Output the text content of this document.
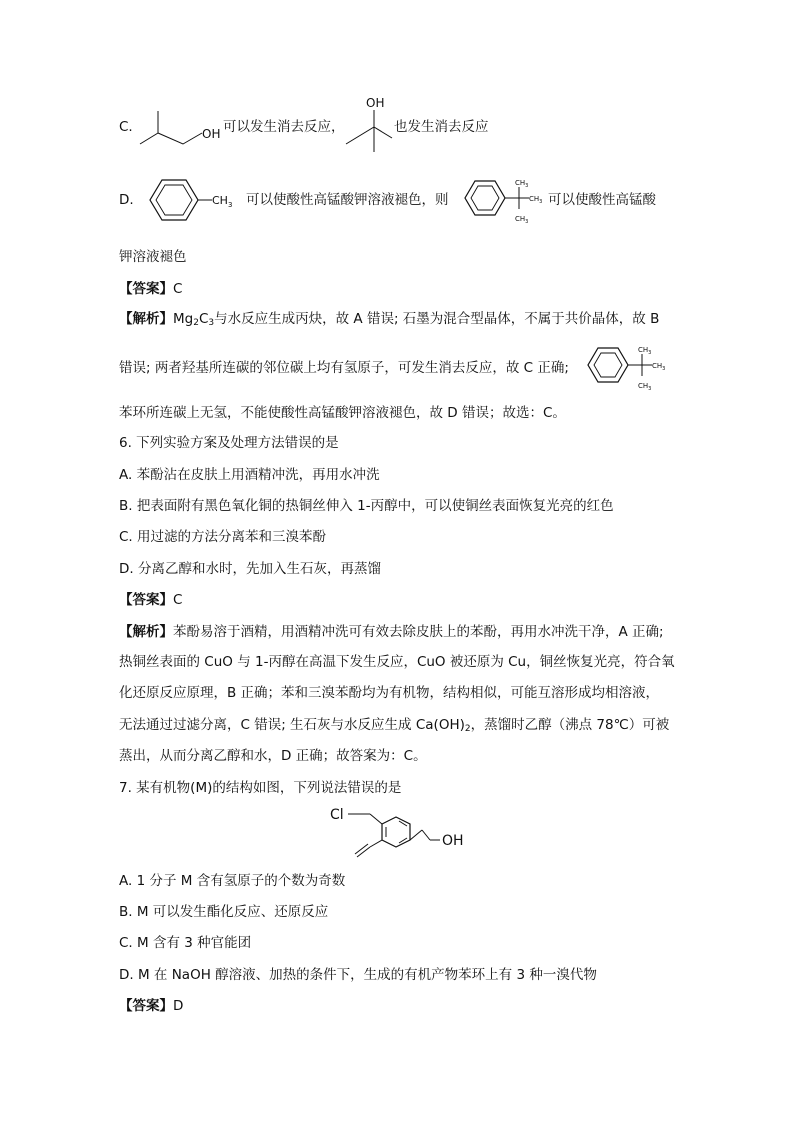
C.	OH 可以发生消去反应，
OH
也发生消去反应
D.	$CH_3$ 可以使酸性高锰酸钾溶液褪色，则
$CH_3$
$CH_3$
$CH_3$
可以使酸性高锰酸
钾溶液褪色
【答案】C
【解析】$Mg_2C_3$与水反应生成丙炔，故 A 错误; 石墨为混合型晶体，不属于共价晶体，故 B
错误; 两者羟基所连碳的邻位碳上均有氢原子，可发生消去反应，故 C 正确;
$CH_3$
$CH_3$
$CH_3$
苯环所连碳上无氢，不能使酸性高锰酸钾溶液褪色，故 D 错误；故选：C。
6. 下列实验方案及处理方法错误的是
A. 苯酚沾在皮肤上用酒精冲洗，再用水冲洗
B. 把表面附有黑色氧化铜的热铜丝伸入 1-丙醇中，可以使铜丝表面恢复光亮的红色
C. 用过滤的方法分离苯和三溴苯酚
D. 分离乙醇和水时，先加入生石灰，再蒸馏
【答案】C
【解析】苯酚易溶于酒精，用酒精冲洗可有效去除皮肤上的苯酚，再用水冲洗干净，A 正确;
热铜丝表面的 CuO 与 1-丙醇在高温下发生反应，CuO 被还原为 Cu，铜丝恢复光亮，符合氧
化还原反应原理，B 正确；苯和三溴苯酚均为有机物，结构相似，可能互溶形成均相溶液，
无法通过过滤分离，C 错误; 生石灰与水反应生成 $Ca(OH)_2$，蒸馏时乙醇（沸点 78℃）可被
蒸出，从而分离乙醇和水，D 正确；故答案为：C。
7. 某有机物(M)的结构如图，下列说法错误的是
Cl
OH
A. 1 分子 M 含有氢原子的个数为奇数
B. M 可以发生酯化反应、还原反应
C. M 含有 3 种官能团
D. M 在 NaOH 醇溶液、加热的条件下，生成的有机产物苯环上有 3 种一溴代物
【答案】D
